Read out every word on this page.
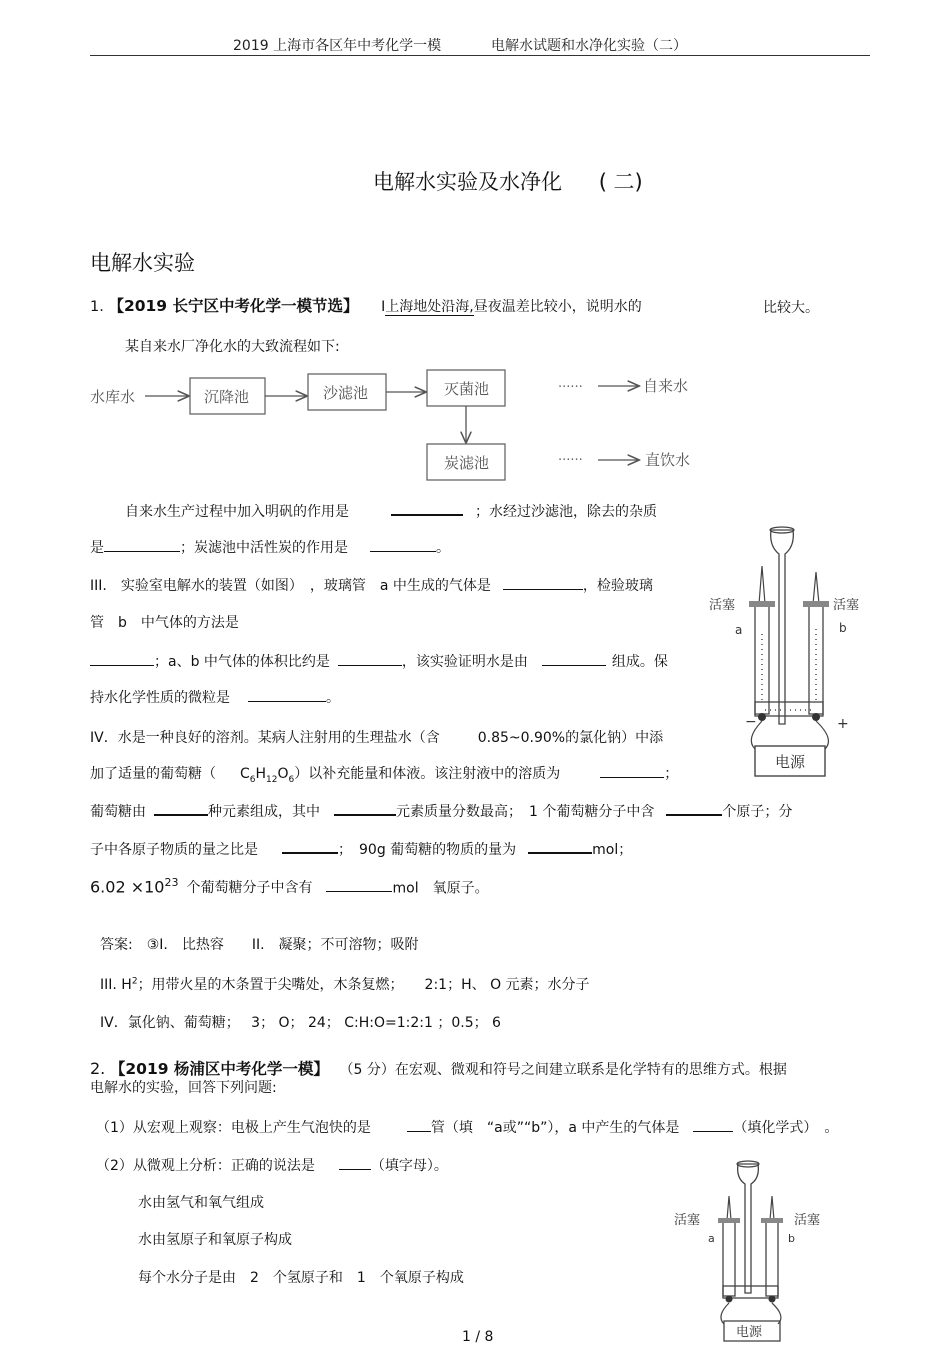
2019 上海市各区年中考化学一模	电解水试题和水净化实验（二）
电解水实验及水净化 ( 二)
电解水实验
1. 【2019 长宁区中考化学一模节选】 I上海地处沿海,昼夜温差比较小，说明水的	比较大。
某自来水厂净化水的大致流程如下:
水库水	沉降池	沙滤池	灭菌池	······	自来水
炭滤池	······	直饮水
自来水生产过程中加入明矾的作用是	；水经过沙滤池，除去的杂质
是	；炭滤池中活性炭的作用是	。
III.　实验室电解水的装置（如图）　，玻璃管　a 中生成的气体是	，检验玻璃
管　b　中气体的方法是
；a、b 中气体的体积比约是	，该实验证明水是由	组成。保
持水化学性质的微粒是	。
IV．水是一种良好的溶剂。某病人注射用的生理盐水（含	0.85~0.90%的氯化钠）中添
加了适量的葡萄糖（ $C_6H_{12}O_6$）以补充能量和体液。该注射液中的溶质为	；
葡萄糖由	种元素组成，其中	元素质量分数最高；　1 个葡萄糖分子中含	个原子；分
子中各原子物质的量之比是	；　90g 葡萄糖的物质的量为	mol；
$6.02 \times 10^{23}$ 个葡萄糖分子中含有	mol　氧原子。
答案:　③I.　比热容　　II.　凝聚；不可溶物；吸附
III. $H^2$；用带火星的木条置于尖嘴处，木条复燃；　　2:1；H、 O 元素；水分子
IV．氯化钠、葡萄糖；　 3； O； 24； C:H:O=1:2:1 ；0.5； 6
活塞	活塞
a	b
−	+
电源
2. 【2019 杨浦区中考化学一模】 （5 分）在宏观、微观和符号之间建立联系是化学特有的思维方式。根据
电解水的实验，回答下列问题:
（1）从宏观上观察：电极上产生气泡快的是	管（填　“a或”“b”），a 中产生的气体是	（填化学式）　。
（2）从微观上分析：正确的说法是	（填字母）。
水由氢气和氧气组成
水由氢原子和氧原子构成
每个水分子是由　2　个氢原子和　1　个氧原子构成
活塞	活塞
a	b
电源
1 / 8
